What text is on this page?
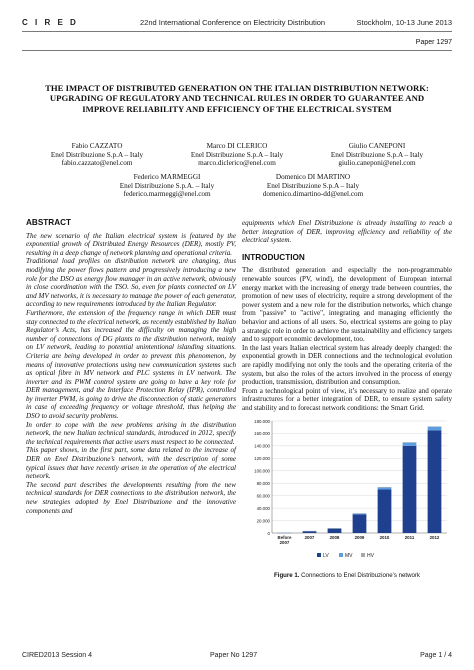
C I R E D	22nd International Conference on Electricity Distribution	Stockholm, 10-13 June 2013
Paper 1297
THE IMPACT OF DISTRIBUTED GENERATION ON THE ITALIAN DISTRIBUTION NETWORK: UPGRADING OF REGULATORY AND TECHNICAL RULES IN ORDER TO GUARANTEE AND IMPROVE RELIABILITY AND EFFICIENCY OF THE ELECTRICAL SYSTEM
Fabio CAZZATO
Enel Distribuzione S.p.A – Italy
fabio.cazzato@enel.com
Marco DI CLERICO
Enel Distribuzione S.p.A – Italy
marco.diclerico@enel.com
Giulio CANEPONI
Enel Distribuzione S.p.A – Italy
giulio.caneponi@enel.com
Federico MARMEGGI
Enel Distribuzione S.p.A. – Italy
federico.marmeggi@enel.com
Domenico DI MARTINO
Enel Distribuzione S.p.A – Italy
domenico.dimartino-dd@enel.com
ABSTRACT

The new scenario of the Italian electrical system is featured by the exponential growth of Distributed Energy Resources (DER), mostly PV, resulting in a deep change of network planning and operational criteria.

Traditional load profiles on distribution network are changing, thus modifying the power flows pattern and progressively introducing a new role for the DSO as energy flow manager in an active network, obviously in close coordination with the TSO. So, even for plants connected on LV and MV networks, it is necessary to manage the power of each generator, according to new requirements introduced by the Italian Regulator.

Furthermore, the extension of the frequency range in which DER must stay connected to the electrical network, as recently established by Italian Regulator’s Acts, has increased the difficulty on managing the high number of connections of DG plants to the distribution network, mainly on LV network, leading to potential unintentional islanding situations. Criteria are being developed in order to prevent this phenomenon, by means of innovative protections using new communication systems such as optical fibre in MV network and PLC systems in LV network. The inverter and its PWM control system are going to have a key role for DER management, and the Interface Protection Relay (IPR), controlled by inverter PWM, is going to drive the disconnection of static generators in case of exceeding frequency or voltage threshold, thus helping the DSO to avoid security problems.

In order to cope with the new problems arising in the distribution network, the new Italian technical standards, introduced in 2012, specify the technical requirements that active users must respect to be connected.

This paper shows, in the first part, some data related to the increase of DER on Enel Distribuzione’s network, with the description of some typical issues that have recently arisen in the operation of the electrical network.

The second part describes the developments resulting from the new technical standards for DER connections to the distribution network, the new strategies adopted by Enel Distribuzione and the innovative components and

equipments which Enel Distribuzione is already installing to reach a better integration of DER, improving efficiency and reliability of the electrical system.

INTRODUCTION

The distributed generation and especially the non-programmable renewable sources (PV, wind), the development of European internal energy market with the increasing of energy trade between countries, the promotion of new uses of electricity, require a strong development of the power system and a new role for the distribution networks, which change from "passive" to "active", integrating and managing efficiently the behavior and actions of all users. So, electrical systems are going to play a strategic role in order to achieve the sustainability and efficiency targets and to support economic development, too.

In the last years Italian electrical system has already deeply changed: the exponential growth in DER connections and the technological evolution are rapidly modifying not only the tools and the operating criteria of the system, but also the roles of the actors involved in the process of energy production, transmission, distribution and consumption.

From a technological point of view, it’s necessary to realize and operate infrastructures for a better integration of DER, to ensure system safety and stability and to forecast network conditions: the Smart Grid.

0
20.000
40.000
60.000
80.000
100.000
120.000
140.000
160.000
180.000
Before
2007
2007	2008	2009	2010	2011	2012
LV	MV	HV
Figure 1. Connections to Enel Distribuzione’s network
CIRED2013 Session 4	Paper No 1297	Page 1 / 4
